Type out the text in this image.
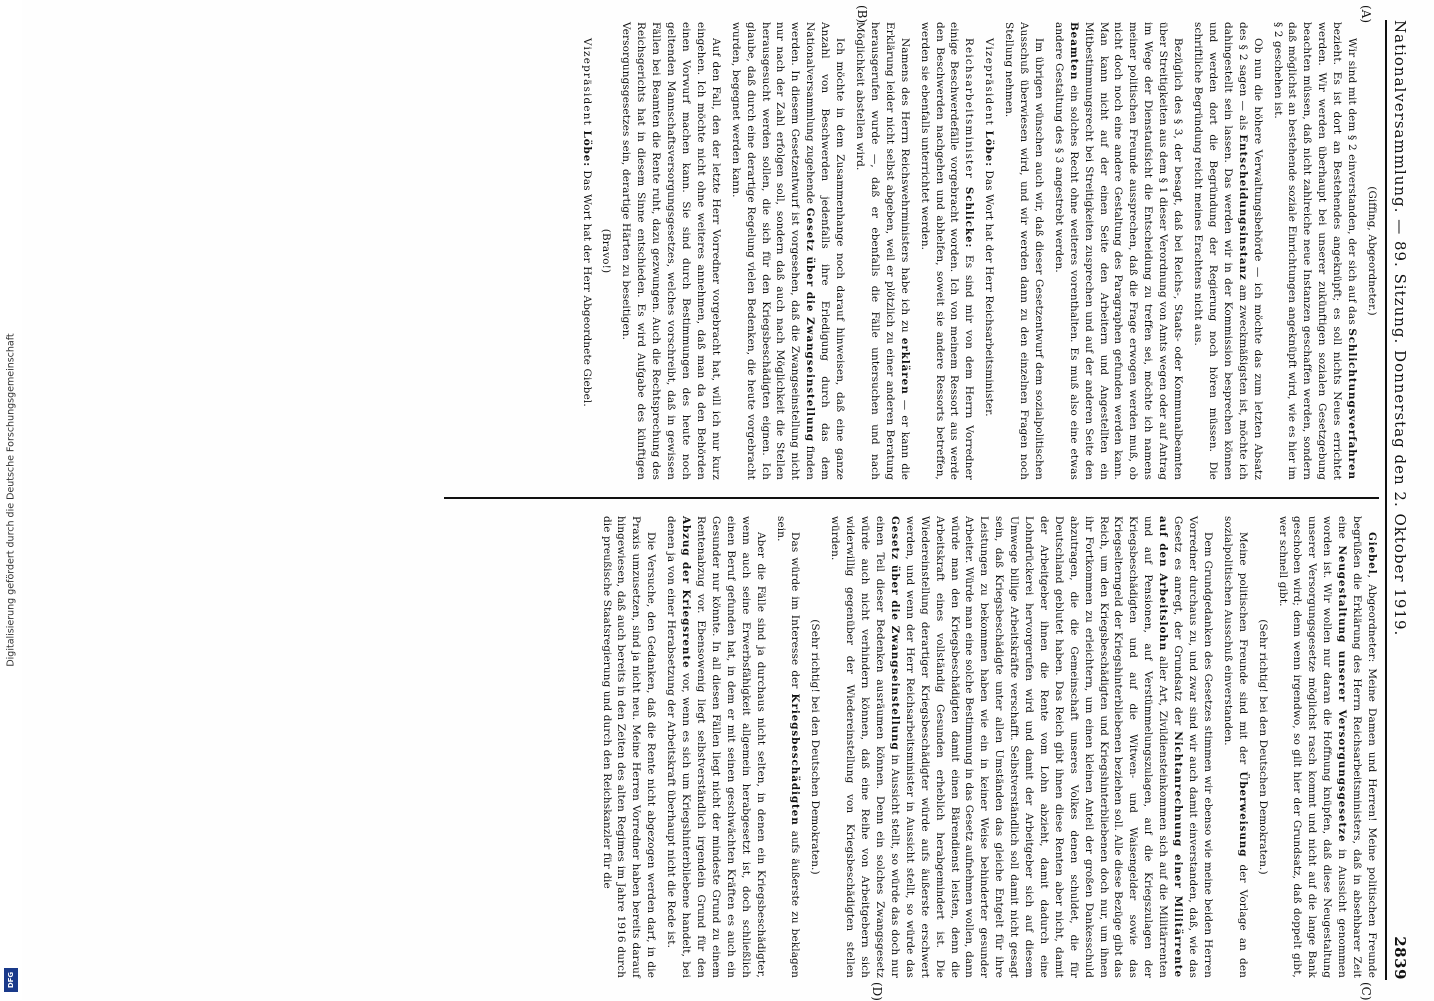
Digitalisierung gefördert durch die Deutsche Forschungsgemeinschaft
DFG
Nationalversammlung. — 89. Sitzung. Donnerstag den 2. Oktober 1919.
2839
(A)
(B)
(C)
(D)

(Giffing, Abgeordneter.)

Wir sind mit dem § 2 einverstanden, der sich auf das Schlichtungsverfahren bezieht. Es ist dort an Bestehendes angeknüpft; es soll nichts Neues errichtet werden. Wir werden überhaupt bei unserer zukünftigen sozialen Gesetzgebung beachten müssen, daß nicht zahlreiche neue Instanzen geschaffen werden, sondern daß möglichst an bestehende soziale Einrichtungen angeknüpft wird, wie es hier im § 2 geschehen ist.

Ob nun die höhere Verwaltungsbehörde — ich möchte das zum letzten Absatz des § 2 sagen — als Entscheidungsinstanz am zweckmäßigsten ist, möchte ich dahingestellt sein lassen. Das werden wir in der Kommission besprechen können und werden dort die Begründung der Regierung noch hören müssen. Die schriftliche Begründung reicht meines Erachtens nicht aus.

Bezüglich des § 3, der besagt, daß bei Reichs-, Staats- oder Kommunalbeamten über Streitigkeiten aus dem § 1 dieser Verordnung von Amts wegen oder auf Antrag im Wege der Dienstaufsicht die Entscheidung zu treffen sei, möchte ich namens meiner politischen Freunde aussprechen, daß die Frage erwogen werden muß, ob nicht doch noch eine andere Gestaltung des Paragraphen gefunden werden kann. Man kann nicht auf der einen Seite den Arbeitern und Angestellten ein Mitbestimmungsrecht bei Streitigkeiten zusprechen und auf der anderen Seite den Beamten ein solches Recht ohne weiteres vorenthalten. Es muß also eine etwas andere Gestaltung des § 3 angestrebt werden.

Im übrigen wünschen auch wir, daß dieser Gesetzentwurf dem sozialpolitischen Ausschuß überwiesen wird, und wir werden dann zu den einzelnen Fragen noch Stellung nehmen.

Vizepräsident Löbe: Das Wort hat der Herr Reichsarbeitsminister.

Reichsarbeitsminister Schlicke: Es sind mir von dem Herrn Vorredner einige Beschwerdefälle vorgebracht worden. Ich von meinem Ressort aus werde den Beschwerden nachgehen und abhelfen, soweit sie andere Ressorts betreffen, werden sie ebenfalls unterrichtet werden.

Namens des Herrn Reichswehrministers habe ich zu erklären — er kann die Erklärung leider nicht selbst abgeben, weil er plötzlich zu einer anderen Beratung herausgerufen wurde —, daß er ebenfalls die Fälle untersuchen und nach Möglichkeit abstellen wird.

Ich möchte in dem Zusammenhange noch darauf hinweisen, daß eine ganze Anzahl von Beschwerden jedenfalls ihre Erledigung durch das dem Nationalversammlung zugehende Gesetz über die Zwangseinstellung finden werden. In diesem Gesetzentwurf ist vorgesehen, daß die Zwangseinstellung nicht nur nach der Zahl erfolgen soll, sondern daß auch nach Möglichkeit die Stellen herausgesucht werden sollen, die sich für den Kriegsbeschädigten eignen. Ich glaube, daß durch eine derartige Regelung vielen Bedenken, die heute vorgebracht wurden, begegnet werden kann.

Auf den Fall, den der letzte Herr Vorredner vorgebracht hat, will ich nur kurz eingehen. Ich möchte nicht ohne weiteres annehmen, daß man da den Behörden einen Vorwurf machen kann. Sie sind durch Bestimmungen des heute noch geltenden Mannschaftsversorgungsgesetzes, welches vorschreibt, daß in gewissen Fällen bei Beamten die Rente ruht, dazu gezwungen. Auch die Rechtsprechung des Reichsgerichts hat in diesem Sinne entschieden. Es wird Aufgabe des künftigen Versorgungsgesetzes sein, derartige Härten zu beseitigen.

(Bravo!)

Vizepräsident Löbe: Das Wort hat der Herr Abgeordnete Giebel.

Giebel, Abgeordneter: Meine Damen und Herren! Meine politischen Freunde begrüßen die Erklärung des Herrn Reichsarbeitsministers, daß in absehbarer Zeit eine Neugestaltung unserer Versorgungsgesetze in Aussicht genommen worden ist. Wir wollen nur daran die Hoffnung knüpfen, daß diese Neugestaltung unserer Versorgungsgesetze möglichst rasch kommt und nicht auf die lange Bank geschoben wird; denn wenn irgendwo, so gilt hier der Grundsatz, daß doppelt gibt, wer schnell gibt.

(Sehr richtig! bei den Deutschen Demokraten.)

Meine politischen Freunde sind mit der Überweisung der Vorlage an den sozialpolitischen Ausschuß einverstanden.

Dem Grundgedanken des Gesetzes stimmen wir ebenso wie meine beiden Herren Vorredner durchaus zu, und zwar sind wir auch damit einverstanden, daß, wie das Gesetz es anregt, der Grundsatz der Nichtanrechnung einer Militärrente auf den Arbeitslohn aller Art, Zivildiensteinkommen sich auf die Militärrenten und auf Pensionen, auf Verstümmelungszulagen, auf die Kriegszulagen der Kriegsbeschädigten und auf die Witwen- und Waisengelder sowie das Kriegselterngeld der Kriegshinterbliebenen beziehen soll. Alle diese Bezüge gibt das Reich, um den Kriegsbeschädigten und Kriegshinterbliebenen doch nur, um ihnen ihr Fortkommen zu erleichtern, um einen kleinen Anteil der großen Dankesschuld abzutragen, die die Gemeinschaft unseres Volkes denen schuldet, die für Deutschland geblutet haben. Das Reich gibt ihnen diese Renten aber nicht, damit der Arbeitgeber ihnen die Rente vom Lohn abzieht, damit dadurch eine Lohndrückerei hervorgerufen wird und damit der Arbeitgeber sich auf diesem Umwege billige Arbeitskräfte verschafft. Selbstverständlich soll damit nicht gesagt sein, daß Kriegsbeschädigte unter allen Umständen das gleiche Entgelt für ihre Leistungen zu bekommen haben wie ein in keiner Weise behinderter gesunder Arbeiter. Würde man eine solche Bestimmung in das Gesetz aufnehmen wollen, dann würde man den Kriegsbeschädigten damit einen Bärendienst leisten, denn die Arbeitskraft eines vollständig Gesunden erheblich herabgemindert ist. Die Wiedereinstellung derartiger Kriegsbeschädigter würde aufs äußerste erschwert werden, und wenn der Herr Reichsarbeitsminister in Aussicht stellt, so würde das Gesetz über die Zwangseinstellung in Aussicht stellt, so würde das doch nur einen Teil dieser Bedenken ausräumen können. Denn ein solches Zwangsgesetz würde auch nicht verhindern können, daß eine Reihe von Arbeitgebern sich widerwillig gegenüber der Wiedereinstellung von Kriegsbeschädigten stellen würden.

(Sehr richtig! bei den Deutschen Demokraten.)

Das würde im Interesse der Kriegsbeschädigten aufs äußerste zu beklagen sein.

Aber die Fälle sind ja durchaus nicht selten, in denen ein Kriegsbeschädigter, wenn auch seine Erwerbsfähigkeit allgemein herabgesetzt ist, doch schließlich einen Beruf gefunden hat, in dem er mit seinen geschwächten Kräften es auch ein Gesunder nur könnte. In all diesen Fällen liegt nicht der mindeste Grund zu einem Rentenabzug vor. Ebensowenig liegt selbstverständlich irgendein Grund für den Abzug der Kriegsrente vor, wenn es sich um Kriegshinterbliebene handelt, bei denen ja von einer Herabsetzung der Arbeitskraft überhaupt nicht die Rede ist.

Die Versuche, den Gedanken, daß die Rente nicht abgezogen werden darf, in die Praxis umzusetzen, sind ja nicht neu. Meine Herren Vorredner haben bereits darauf hingewiesen, daß auch bereits in den Zeiten des alten Regimes im Jahre 1916 durch die preußische Staatsregierung und durch den Reichskanzler für die
